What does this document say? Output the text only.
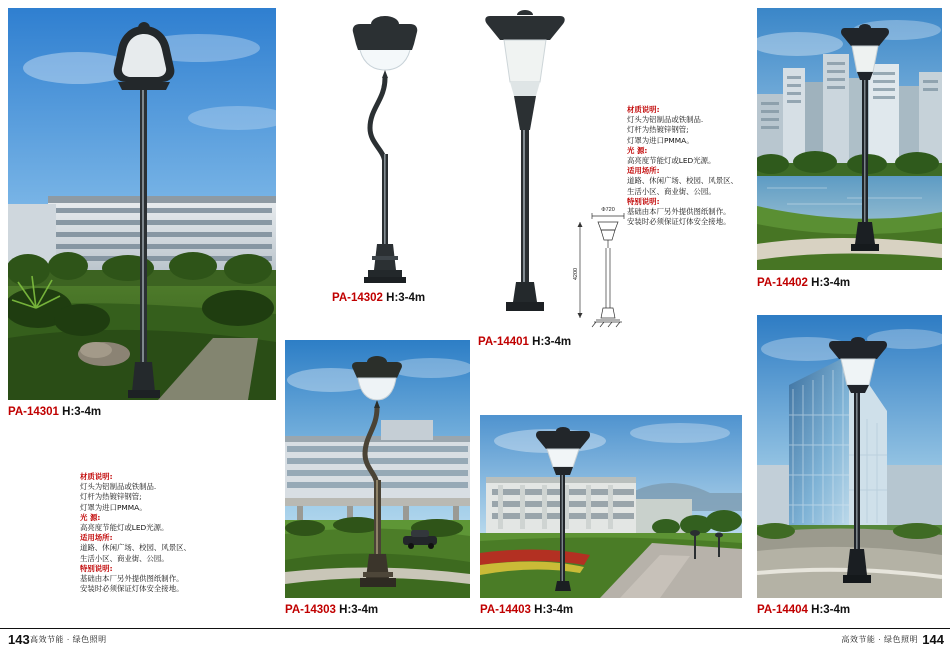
PA-14301 H:3-4m
材质说明:
灯头为铝制品或铁制品.
灯杆为热镀锌钢管;
灯罩为进口PMMA。
光 源:
高亮度节能灯或LED光源。
适用场所:
道路、休闲广场、校园、风景区、
生活小区、商业街、公园。
特别说明:
基础由本厂另外提供图纸制作。
安装时必须保证灯体安全接地。
PA-14302 H:3-4m
PA-14401 H:3-4m
Φ720
4200
材质说明:
灯头为铝制品或铁制品.
灯杆为热镀锌钢管;
灯罩为进口PMMA。
光 源:
高亮度节能灯或LED光源。
适用场所:
道路、休闲广场、校园、风景区、
生活小区、商业街、公园。
特别说明:
基础由本厂另外提供图纸制作。
安装时必须保证灯体安全接地。
PA-14402 H:3-4m
PA-14303 H:3-4m	PA-14403 H:3-4m	PA-14404 H:3-4m
143 高效节能 · 绿色照明	高效节能 · 绿色照明 144
